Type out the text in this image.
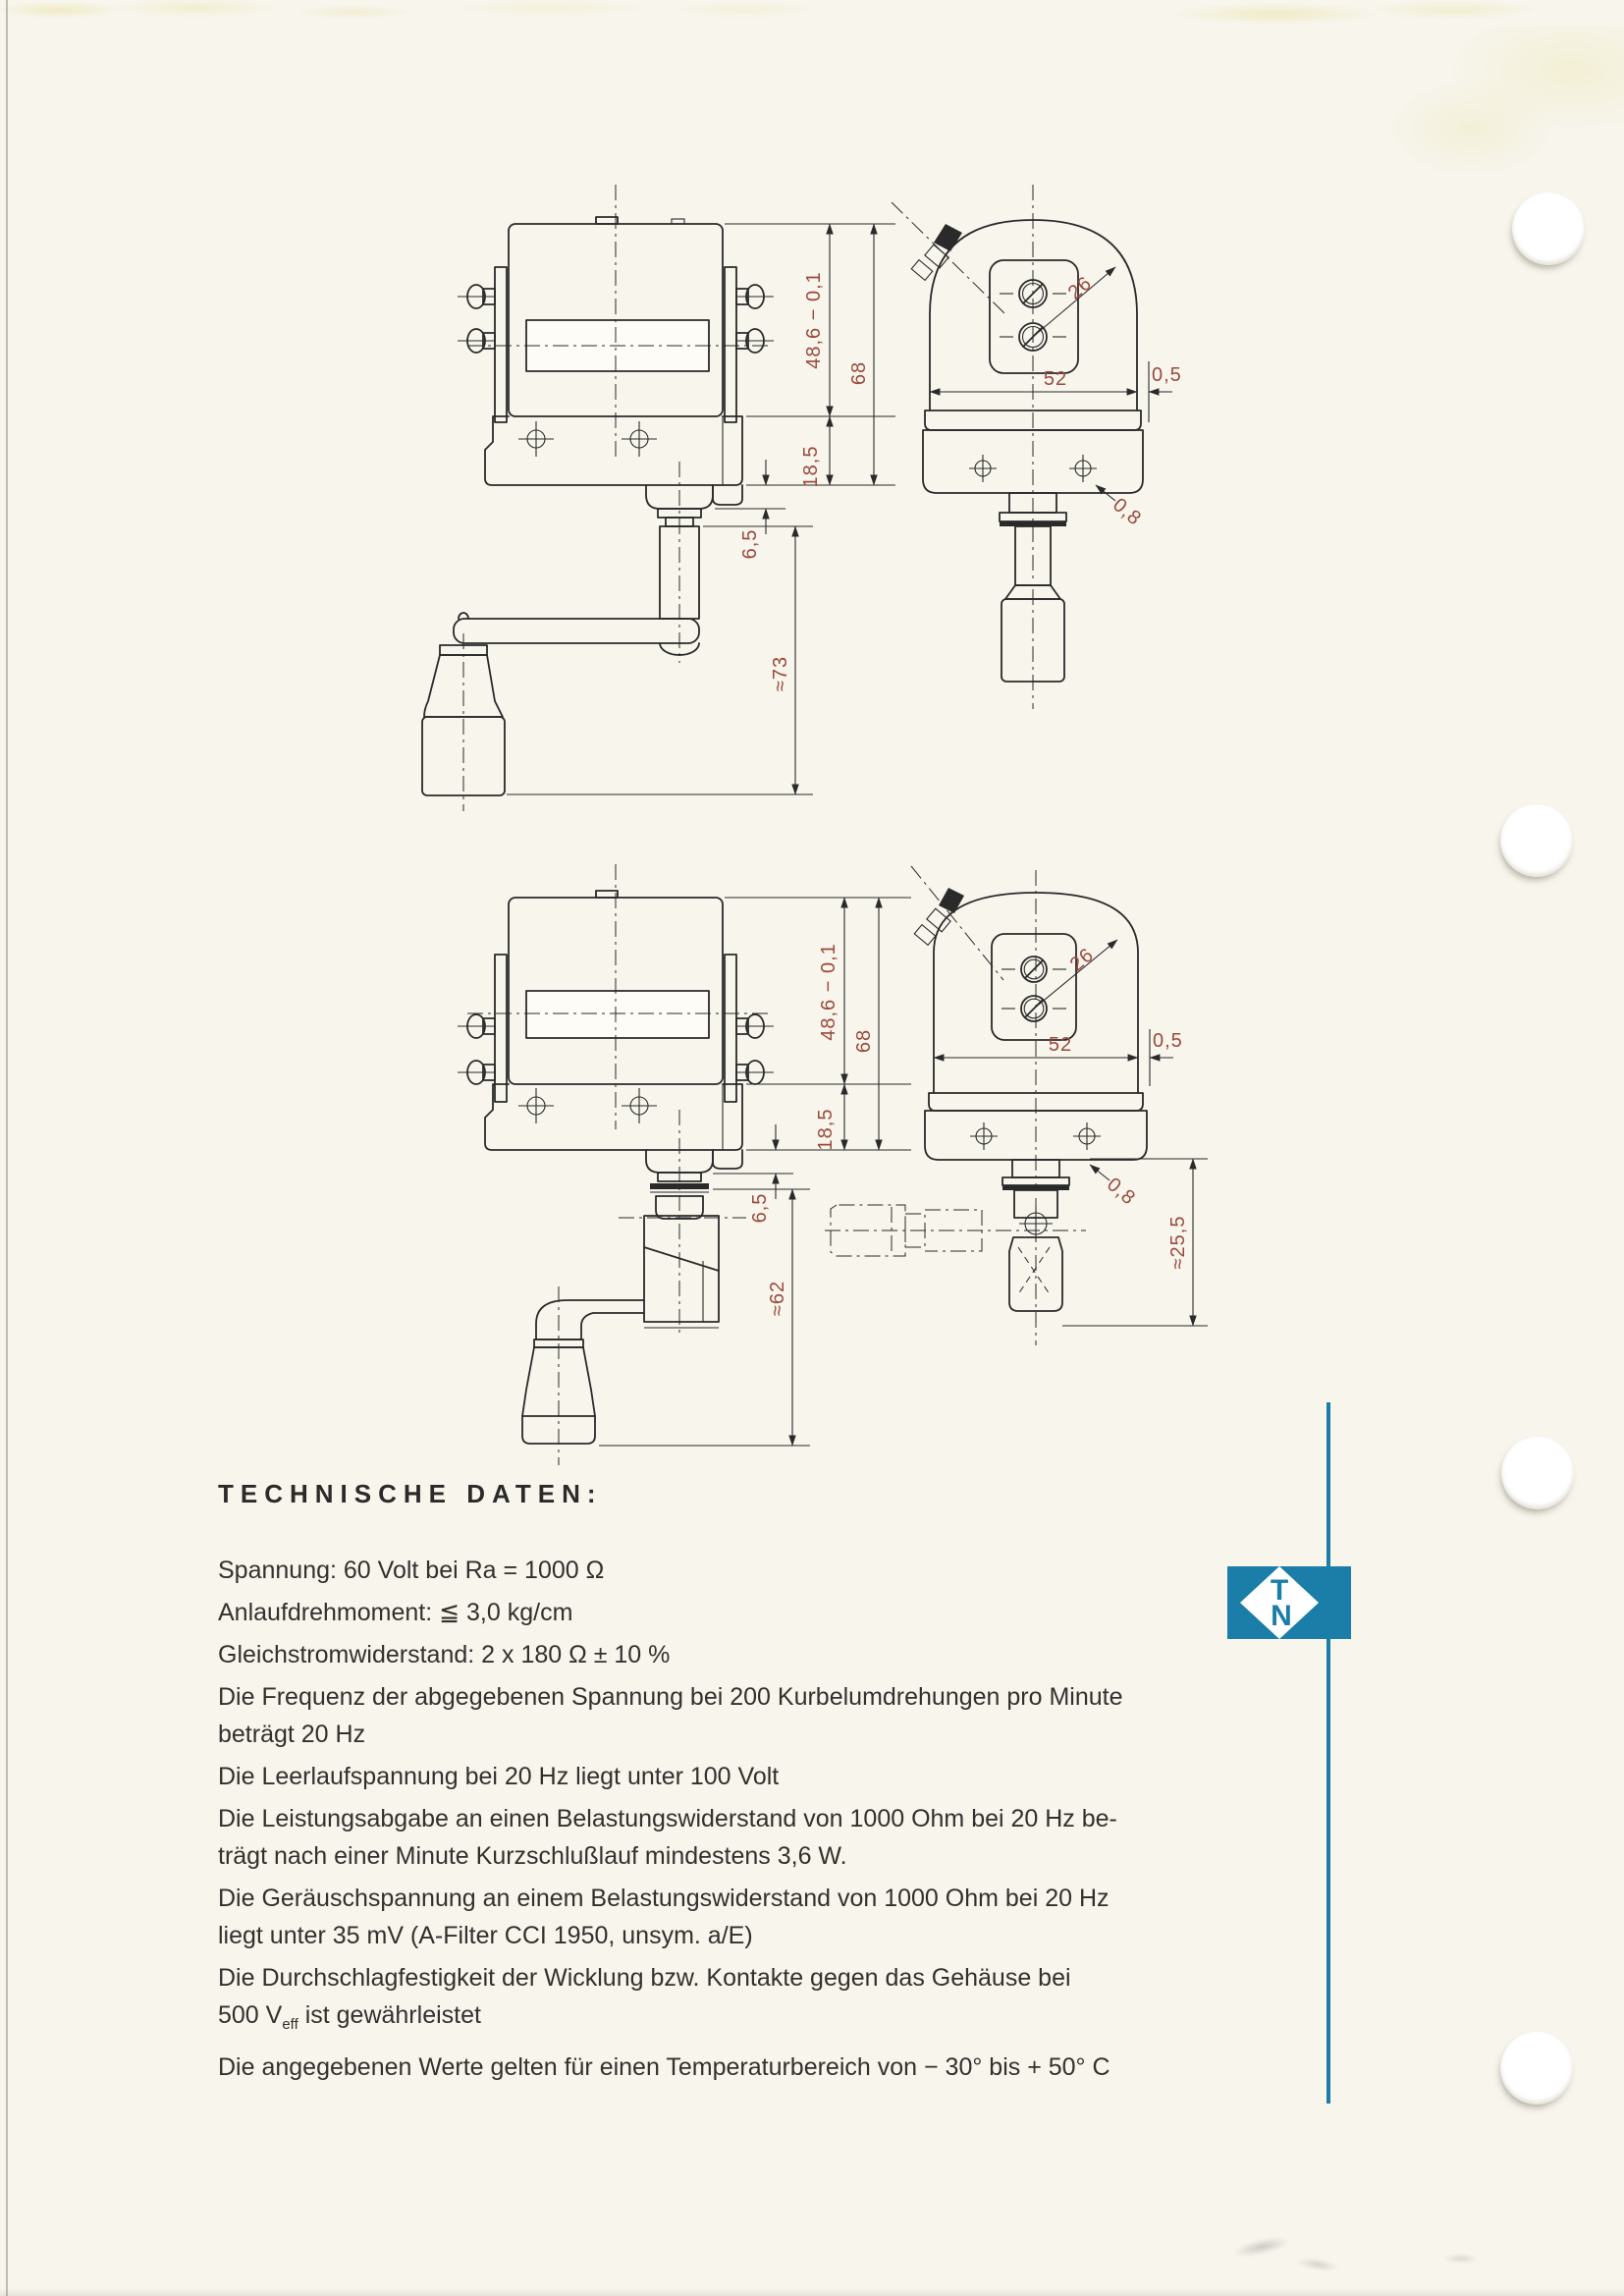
48,6 − 0,1
68
18,5
6,5
≈73
26
52	0,5
0,8
48,6 − 0,1
68
18,5
6,5
≈62
26
52	0,5
0,8
≈25,5
TECHNISCHE DATEN:

Spannung: 60 Volt bei Ra = 1000 Ω

Anlaufdrehmoment: ≦ 3,0 kg/cm

Gleichstromwiderstand: 2 x 180 Ω ± 10 %

Die Frequenz der abgegebenen Spannung bei 200 Kurbelumdrehungen pro Minute
beträgt 20 Hz

Die Leerlaufspannung bei 20 Hz liegt unter 100 Volt

Die Leistungsabgabe an einen Belastungswiderstand von 1000 Ohm bei 20 Hz be-
trägt nach einer Minute Kurzschlußlauf mindestens 3,6 W.

Die Geräuschspannung an einem Belastungswiderstand von 1000 Ohm bei 20 Hz
liegt unter 35 mV (A-Filter CCI 1950, unsym. a/E)

Die Durchschlagfestigkeit der Wicklung bzw. Kontakte gegen das Gehäuse bei
500 $V_{eff}$ ist gewährleistet

Die angegebenen Werte gelten für einen Temperaturbereich von − 30° bis + 50° C

T
N
